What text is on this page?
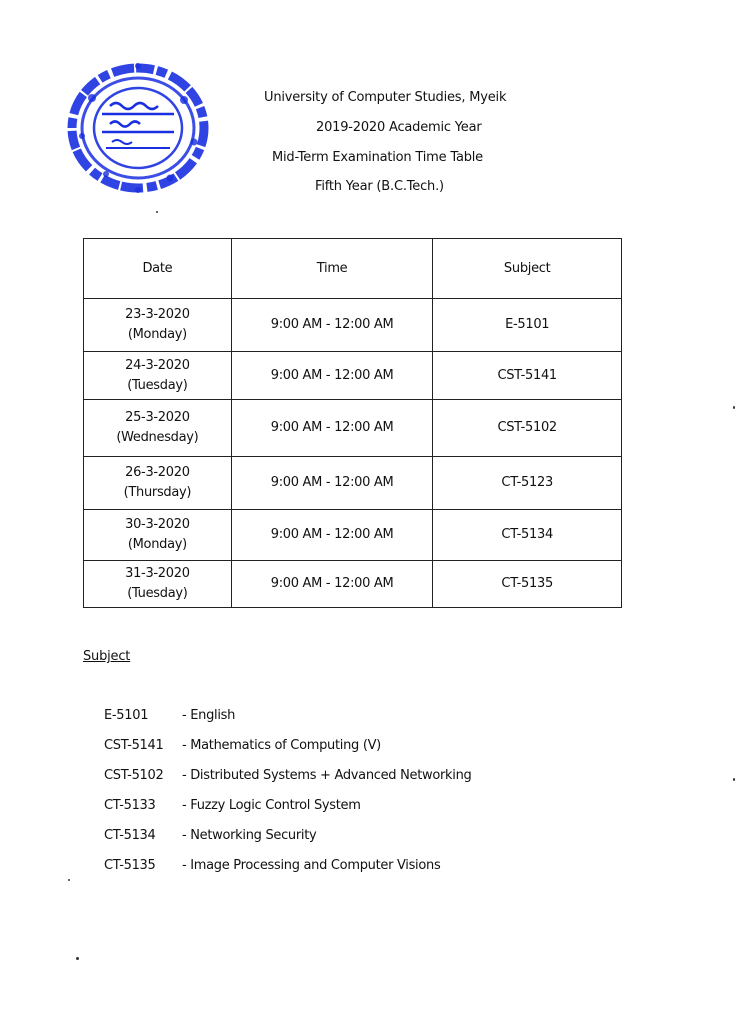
University of Computer Studies, Myeik
2019-2020 Academic Year
Mid-Term Examination Time Table
Fifth Year (B.C.Tech.)
Date	Time	Subject

23-3-2020
(Monday)	9:00 AM - 12:00 AM	E-5101

24-3-2020
(Tuesday)	9:00 AM - 12:00 AM	CST-5141

25-3-2020
(Wednesday)	9:00 AM - 12:00 AM	CST-5102

26-3-2020
(Thursday)	9:00 AM - 12:00 AM	CT-5123

30-3-2020
(Monday)	9:00 AM - 12:00 AM	CT-5134

31-3-2020
(Tuesday)	9:00 AM - 12:00 AM	CT-5135
Subject
E-5101	- English
CST-5141 - Mathematics of Computing (V)
CST-5102 - Distributed Systems + Advanced Networking
CT-5133 - Fuzzy Logic Control System
CT-5134 - Networking Security
CT-5135 - Image Processing and Computer Visions
